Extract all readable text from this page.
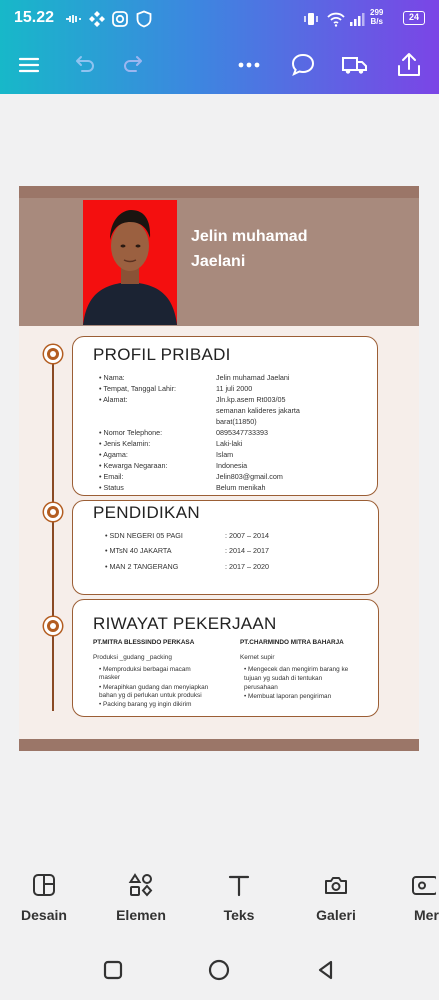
15.22	299
B/s	24
Jelin muhamad
Jaelani
PROFIL PRIBADI
• Nama:	Jelin muhamad Jaelani
• Tempat, Tanggal Lahir:	11 juli 2000
• Alamat:	Jln.kp.asem Rt003/05
semanan kalideres jakarta
barat(11850)
• Nomor Telephone:	0895347733393
• Jenis Kelamin:	Laki-laki
• Agama:	Islam
• Kewarga Negaraan:	Indonesia
• Email:	Jelin803@gmail.com
• Status	Belum menikah
PENDIDIKAN
• SDN NEGERI 05 PAGI	: 2007 – 2014
• MTsN 40 JAKARTA	: 2014 – 2017
• MAN 2 TANGERANG	: 2017 – 2020
RIWAYAT PEKERJAAN
PT.MITRA BLESSINDO PERKASA
Produksi _gudang _packing
• Memproduksi berbagai macam
masker
• Merapihkan gudang dan menyiapkan
bahan yg di perlukan untuk produksi
• Packing barang yg ingin dikirim
PT.CHARMINDO MITRA BAHARJA
Kernet supir
• Mengecek dan mengirim barang ke
tujuan yg sudah di tentukan
perusahaan
• Membuat laporan pengiriman
Desain	Elemen	Teks	Galeri	Mer
